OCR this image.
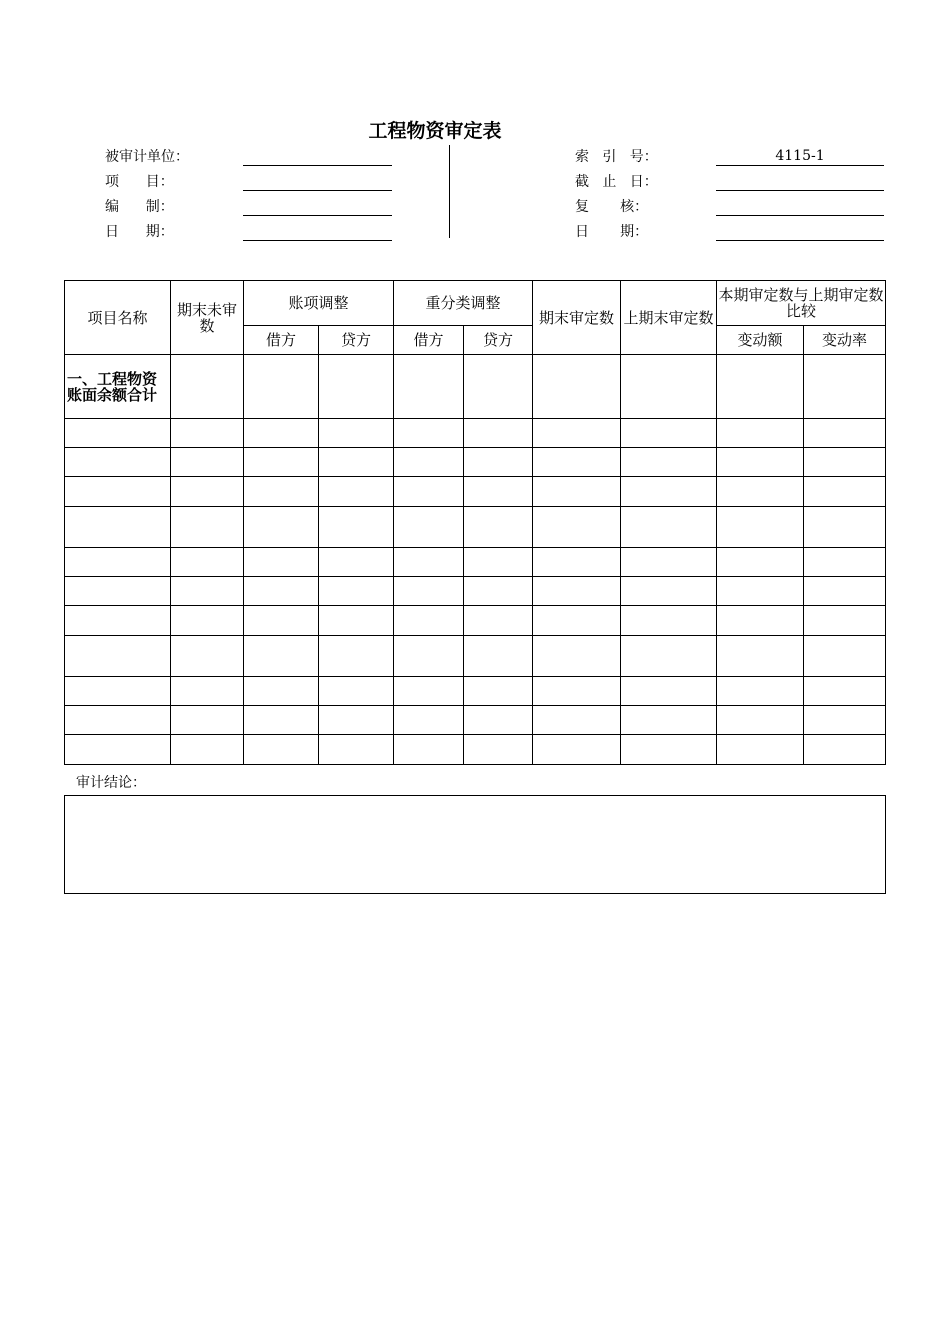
工程物资审定表
被审计单位：
项      目：
编      制：
日      期：
索   引   号：	4115-1
截   止   日：
复       核：
日       期：
项目名称	期末未审数	账项调整		重分类调整		期末审定数	上期末审定数	本期审定数与上期审定数比较	
		借方	贷方	借方	贷方			变动额	变动率
一、工程物资账面余额合计									

审计结论：
